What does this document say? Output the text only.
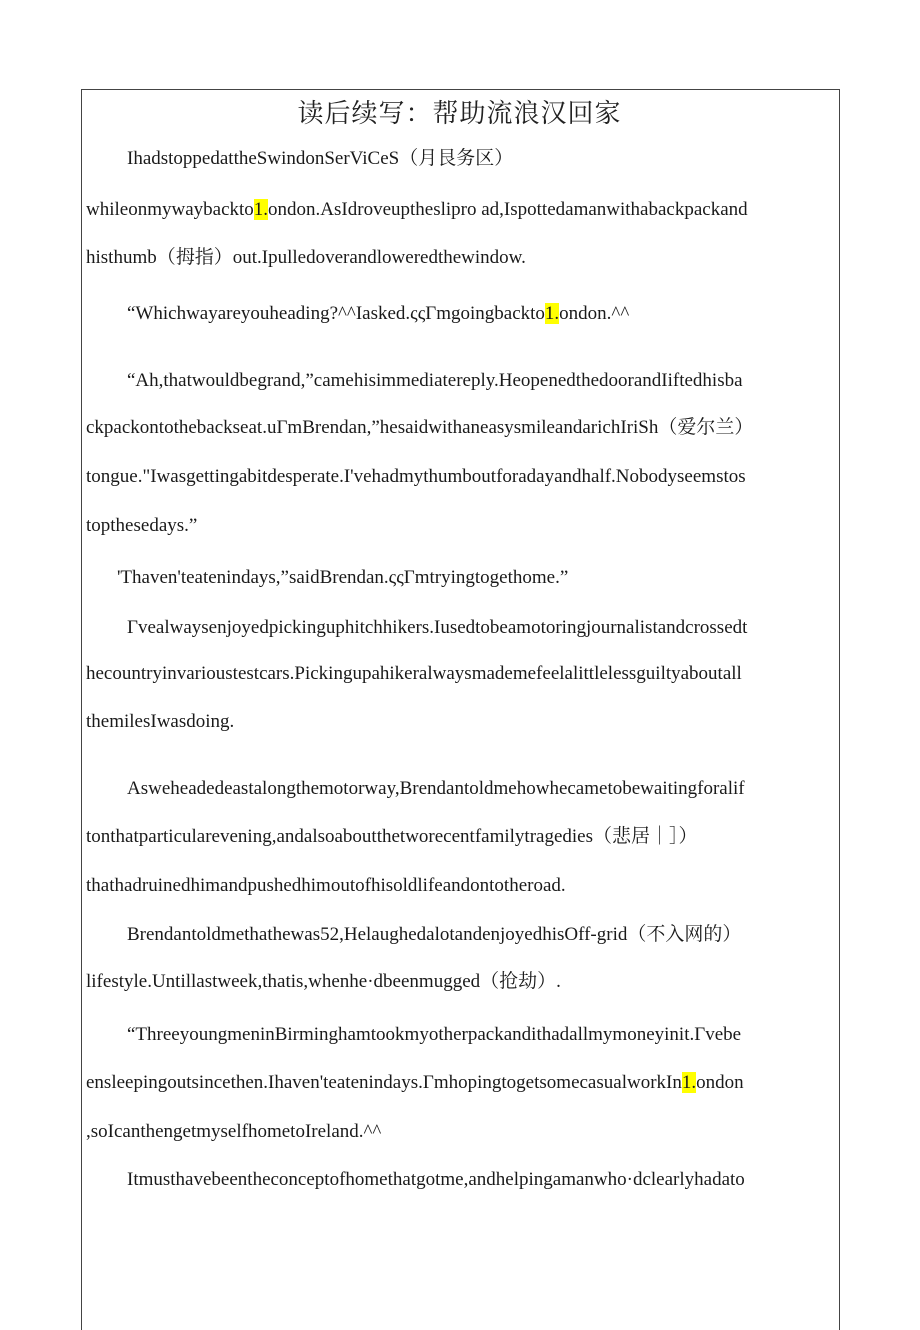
读后续写：帮助流浪汉回家
IhadstoppedattheSwindonSerViCeS（月艮务区）
whileonmywaybackto1.ondon.AsIdroveuptheslipro ad,Ispottedamanwithabackpackand
histhumb（拇指）out.Ipulledoverandloweredthewindow.
“Whichwayareyouheading?^^Iasked.ςςΓmgoingbackto1.ondon.^^
“Ah,thatwouldbegrand,”camehisimmediatereply.HeopenedthedoorandIiftedhisba
ckpackontothebackseat.uΓmBrendan,”hesaidwithaneasysmileandarichIriSh（爱尔兰）
tongue."Iwasgettingabitdesperate.I'vehadmythumboutforadayandhalf.Nobodyseemstos
topthesedays.”
'Thaven'teatenindays,”saidBrendan.ςςΓmtryingtogethome.”
Γvealwaysenjoyedpickinguphitchhikers.Iusedtobeamotoringjournalistandcrossedt
hecountryinvarioustestcars.Pickingupahikeralwaysmademefeelalittlelessguiltyaboutall
themilesIwasdoing.
Asweheadedeastalongthemotorway,Brendantoldmehowhecametobewaitingforalif
tonthatparticularevening,andalsoaboutthetworecentfamilytragedies（悲居｜］）
thathadruinedhimandpushedhimoutofhisoldlifeandontotheroad.
Brendantoldmethathewas52,HelaughedalotandenjoyedhisOff-grid（不入网的）
lifestyle.Untillastweek,thatis,whenhe·dbeenmugged（抢劫）.
“ThreeyoungmeninBirminghamtookmyotherpackandithadallmymoneyinit.Γvebe
ensleepingoutsincethen.Ihaven'teatenindays.ΓmhopingtogetsomecasualworkIn1.ondon
,soIcanthengetmyselfhometoIreland.^^
Itmusthavebeentheconceptofhomethatgotme,andhelpingamanwho·dclearlyhadato
